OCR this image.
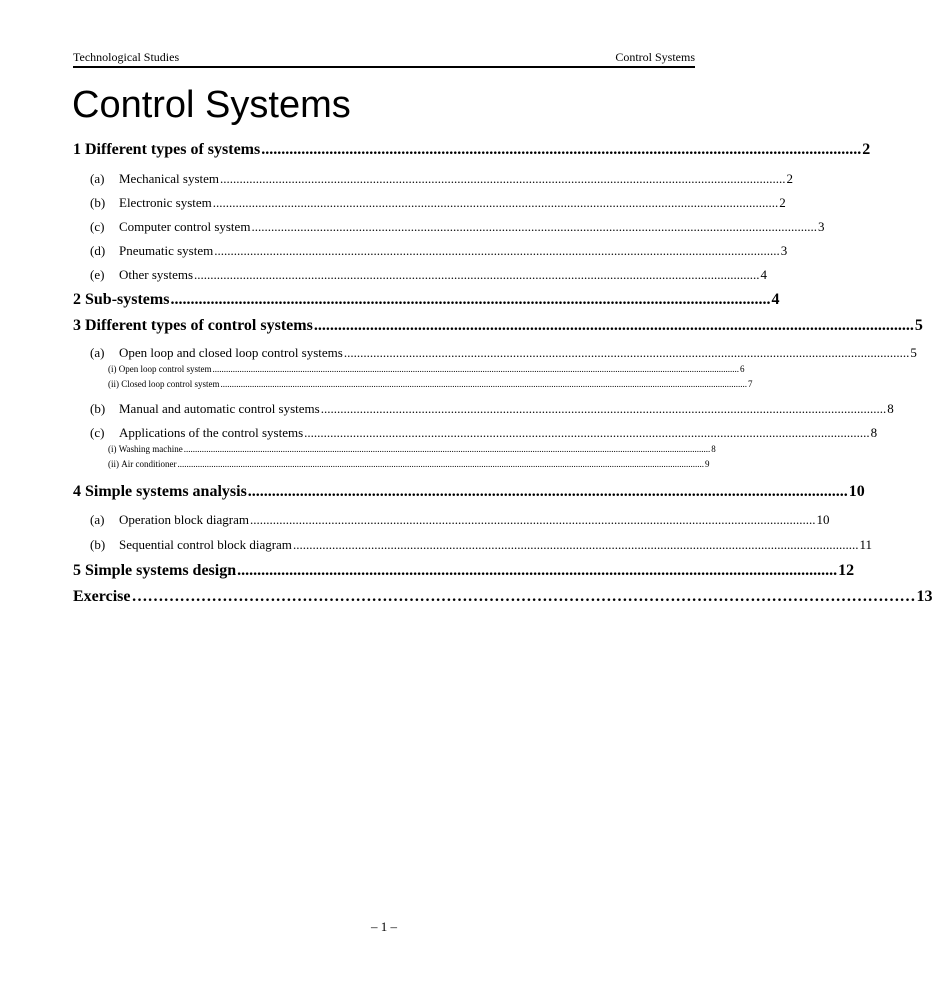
Technological Studies	Control Systems
Control Systems
1 Different types of systems ...................................................................................................................................................... 2
(a) Mechanical system .............................................................................................................................................................................. 2
(b) Electronic system .............................................................................................................................................................................. 2
(c) Computer control system .............................................................................................................................................................................. 3
(d) Pneumatic system .............................................................................................................................................................................. 3
(e) Other systems .............................................................................................................................................................................. 4
2 Sub-systems ...................................................................................................................................................... 4
3 Different types of control systems ...................................................................................................................................................... 5
(a) Open loop and closed loop control systems .............................................................................................................................................................................. 5
(i) Open loop control system .......................................................................................................................................................................................................................................... 6
(ii) Closed loop control system .......................................................................................................................................................................................................................................... 7
(b) Manual and automatic control systems .............................................................................................................................................................................. 8
(c) Applications of the control systems .............................................................................................................................................................................. 8
(i) Washing machine .......................................................................................................................................................................................................................................... 8
(ii) Air conditioner .......................................................................................................................................................................................................................................... 9
4 Simple systems analysis ...................................................................................................................................................... 10
(a) Operation block diagram .............................................................................................................................................................................. 10
(b) Sequential control block diagram .............................................................................................................................................................................. 11
5 Simple systems design ...................................................................................................................................................... 12
Exercise ………………………………………………………………………………………………………………………………… 13
– 1 –
